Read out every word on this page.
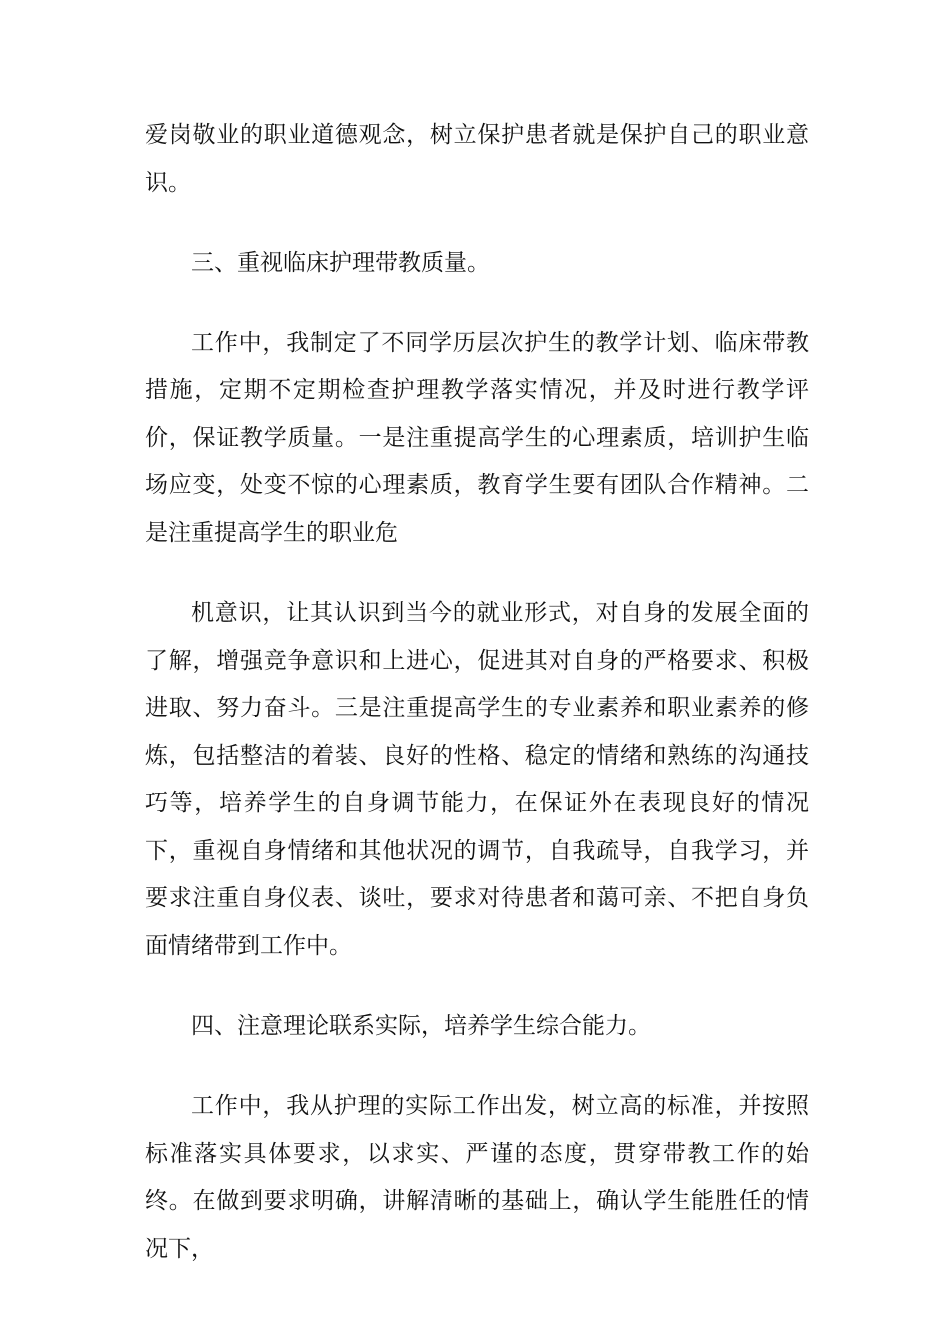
爱岗敬业的职业道德观念，树立保护患者就是保护自己的职业意识。

三、重视临床护理带教质量。

工作中，我制定了不同学历层次护生的教学计划、临床带教措施，定期不定期检查护理教学落实情况，并及时进行教学评价，保证教学质量。一是注重提高学生的心理素质，培训护生临场应变，处变不惊的心理素质，教育学生要有团队合作精神。二是注重提高学生的职业危

机意识，让其认识到当今的就业形式，对自身的发展全面的了解，增强竞争意识和上进心，促进其对自身的严格要求、积极进取、努力奋斗。三是注重提高学生的专业素养和职业素养的修炼，包括整洁的着装、良好的性格、稳定的情绪和熟练的沟通技巧等，培养学生的自身调节能力，在保证外在表现良好的情况下，重视自身情绪和其他状况的调节，自我疏导，自我学习，并要求注重自身仪表、谈吐，要求对待患者和蔼可亲、不把自身负面情绪带到工作中。

四、注意理论联系实际，培养学生综合能力。

工作中，我从护理的实际工作出发，树立高的标准，并按照标准落实具体要求，以求实、严谨的态度，贯穿带教工作的始终。在做到要求明确，讲解清晰的基础上，确认学生能胜任的情况下，
